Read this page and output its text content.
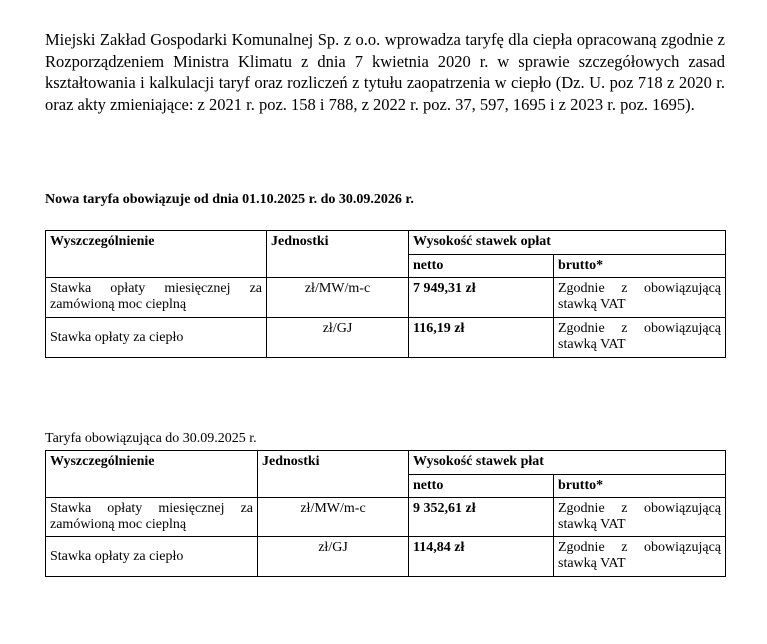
Miejski Zakład Gospodarki Komunalnej Sp. z o.o. wprowadza taryfę dla ciepła opracowaną zgodnie z Rozporządzeniem Ministra Klimatu z dnia 7 kwietnia 2020 r. w sprawie szczegółowych zasad kształtowania i kalkulacji taryf oraz rozliczeń z tytułu zaopatrzenia w ciepło (Dz. U. poz 718 z 2020 r. oraz akty zmieniające: z 2021 r. poz. 158 i 788, z 2022 r. poz. 37, 597, 1695 i z 2023 r. poz. 1695).

Nowa taryfa obowiązuje od dnia 01.10.2025 r. do 30.09.2026 r.

Wyszczególnienie	Jednostki	Wysokość stawek opłat	
		netto	brutto*

Stawka opłaty miesięcznej za
zamówioną moc cieplną	zł/MW/m-c	7 949,31 zł	Zgodnie z obowiązującą
stawką VAT

Stawka opłaty za ciepło	zł/GJ	116,19 zł	Zgodnie z obowiązującą
stawką VAT

Taryfa obowiązująca do 30.09.2025 r.

Wyszczególnienie	Jednostki	Wysokość stawek płat	
		netto	brutto*

Stawka opłaty miesięcznej za
zamówioną moc cieplną	zł/MW/m-c	9 352,61 zł	Zgodnie z obowiązującą
stawką VAT

Stawka opłaty za ciepło	zł/GJ	114,84 zł	Zgodnie z obowiązującą
stawką VAT
